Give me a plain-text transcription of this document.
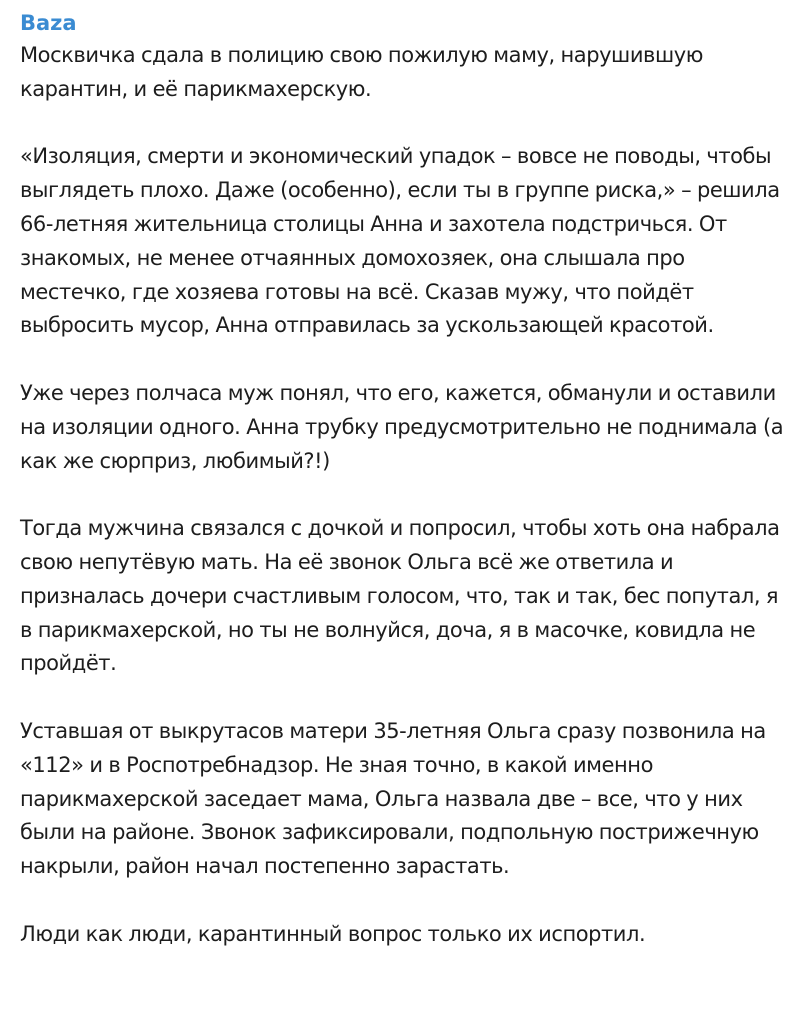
Baza

Москвичка сдала в полицию свою пожилую маму, нарушившую карантин, и её парикмахерскую.

«Изоляция, смерти и экономический упадок – вовсе не поводы, чтобы выглядеть плохо. Даже (особенно), если ты в группе риска,» – решила 66-летняя жительница столицы Анна и захотела подстричься. От знакомых, не менее отчаянных домохозяек, она слышала про местечко, где хозяева готовы на всё. Сказав мужу, что пойдёт выбросить мусор, Анна отправилась за ускользающей красотой.

Уже через полчаса муж понял, что его, кажется, обманули и оставили на изоляции одного. Анна трубку предусмотрительно не поднимала (а как же сюрприз, любимый?!)

Тогда мужчина связался с дочкой и попросил, чтобы хоть она набрала свою непутёвую мать. На её звонок Ольга всё же ответила и призналась дочери счастливым голосом, что, так и так, бес попутал, я в парикмахерской, но ты не волнуйся, доча, я в масочке, ковидла не пройдёт.

Уставшая от выкрутасов матери 35-летняя Ольга сразу позвонила на «112» и в Роспотребнадзор. Не зная точно, в какой именно парикмахерской заседает мама, Ольга назвала две – все, что у них были на районе. Звонок зафиксировали, подпольную пострижечную накрыли, район начал постепенно зарастать.

Люди как люди, карантинный вопрос только их испортил.
